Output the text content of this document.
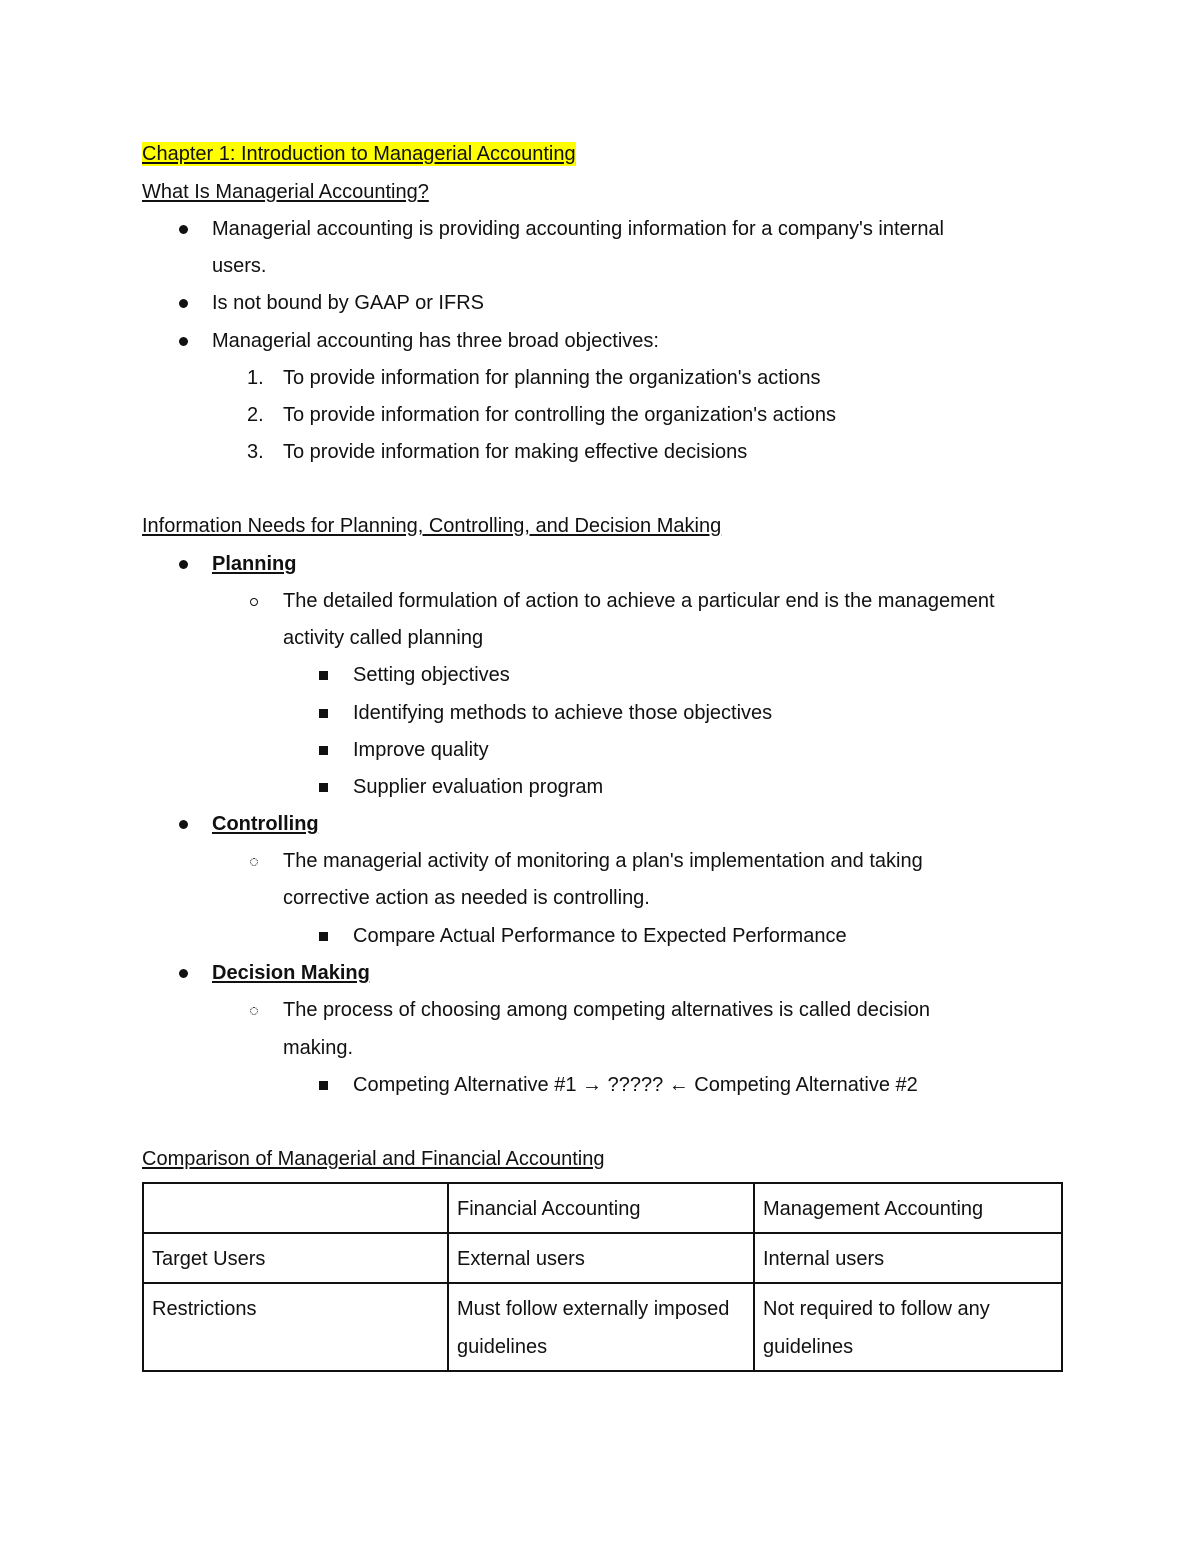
Chapter 1: Introduction to Managerial Accounting
What Is Managerial Accounting?
Managerial accounting is providing accounting information for a company's internal
users.
Is not bound by GAAP or IFRS
Managerial accounting has three broad objectives:
1. To provide information for planning the organization's actions
2. To provide information for controlling the organization's actions
3. To provide information for making effective decisions
Information Needs for Planning, Controlling, and Decision Making
Planning
The detailed formulation of action to achieve a particular end is the management
activity called planning
Setting objectives
Identifying methods to achieve those objectives
Improve quality
Supplier evaluation program
Controlling
The managerial activity of monitoring a plan's implementation and taking
corrective action as needed is controlling.
Compare Actual Performance to Expected Performance
Decision Making
The process of choosing among competing alternatives is called decision
making.
Competing Alternative #1 → ????? ← Competing Alternative #2
Comparison of Managerial and Financial Accounting
	Financial Accounting	Management Accounting
Target Users	External users	Internal users
Restrictions	Must follow externally imposed guidelines	Not required to follow any guidelines
